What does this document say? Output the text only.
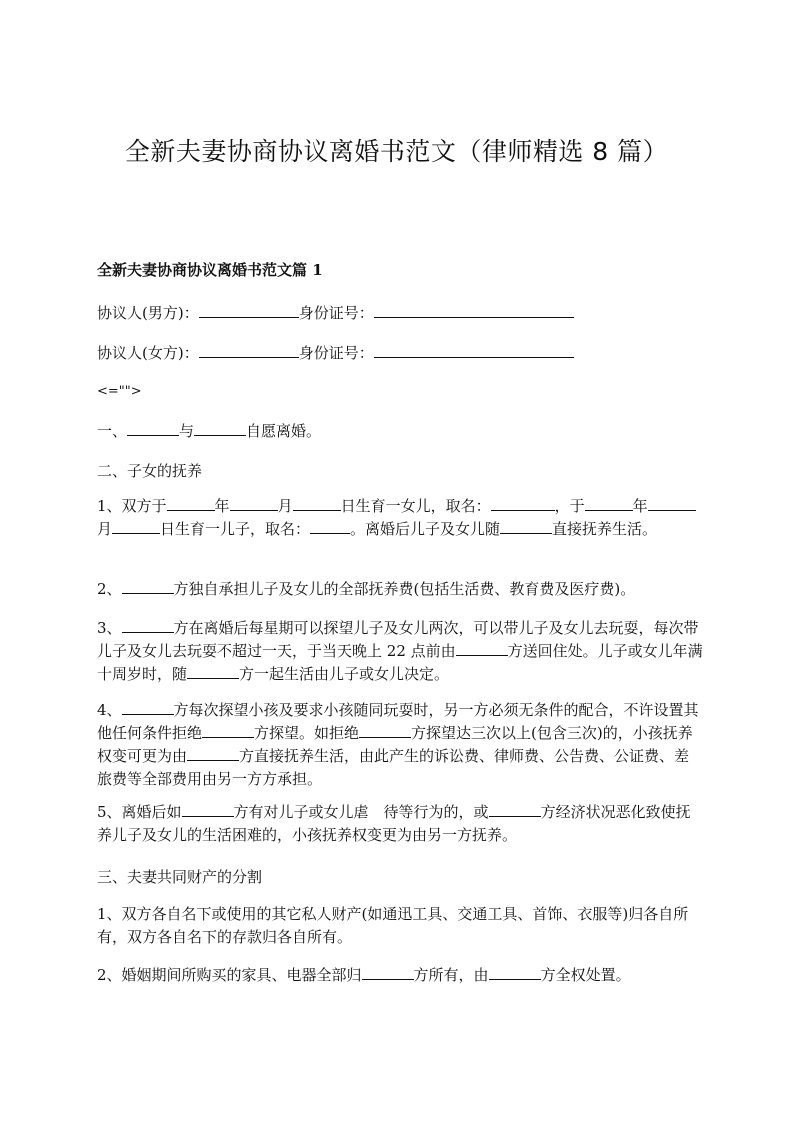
全新夫妻协商协议离婚书范文（律师精选 8 篇）
全新夫妻协商协议离婚书范文篇 1
协议人(男方)：	身份证号：
协议人(女方)：	身份证号：
<="">
一、	与	自愿离婚。
二、子女的抚养
1、双方于	年	月	日生育一女儿，取名：	，于	年月	日生育一儿子，取名：	。离婚后儿子及女儿随	直接抚养生活。
2、	方独自承担儿子及女儿的全部抚养费(包括生活费、教育费及医疗费)。
3、	方在离婚后每星期可以探望儿子及女儿两次，可以带儿子及女儿去玩耍，每次带儿子及女儿去玩耍不超过一天，于当天晚上 22 点前由	方送回住处。儿子或女儿年满十周岁时，随	方一起生活由儿子或女儿决定。
4、	方每次探望小孩及要求小孩随同玩耍时，另一方必须无条件的配合，不许设置其他任何条件拒绝	方探望。如拒绝	方探望达三次以上(包含三次)的，小孩抚养权变可更为由	方直接抚养生活，由此产生的诉讼费、律师费、公告费、公证费、差旅费等全部费用由另一方方承担。
5、离婚后如	方有对儿子或女儿虐　待等行为的，或	方经济状况恶化致使抚养儿子及女儿的生活困难的，小孩抚养权变更为由另一方抚养。
三、夫妻共同财产的分割
1、双方各自名下或使用的其它私人财产(如通迅工具、交通工具、首饰、衣服等)归各自所有，双方各自名下的存款归各自所有。
2、婚姻期间所购买的家具、电器全部归	方所有，由	方全权处置。
